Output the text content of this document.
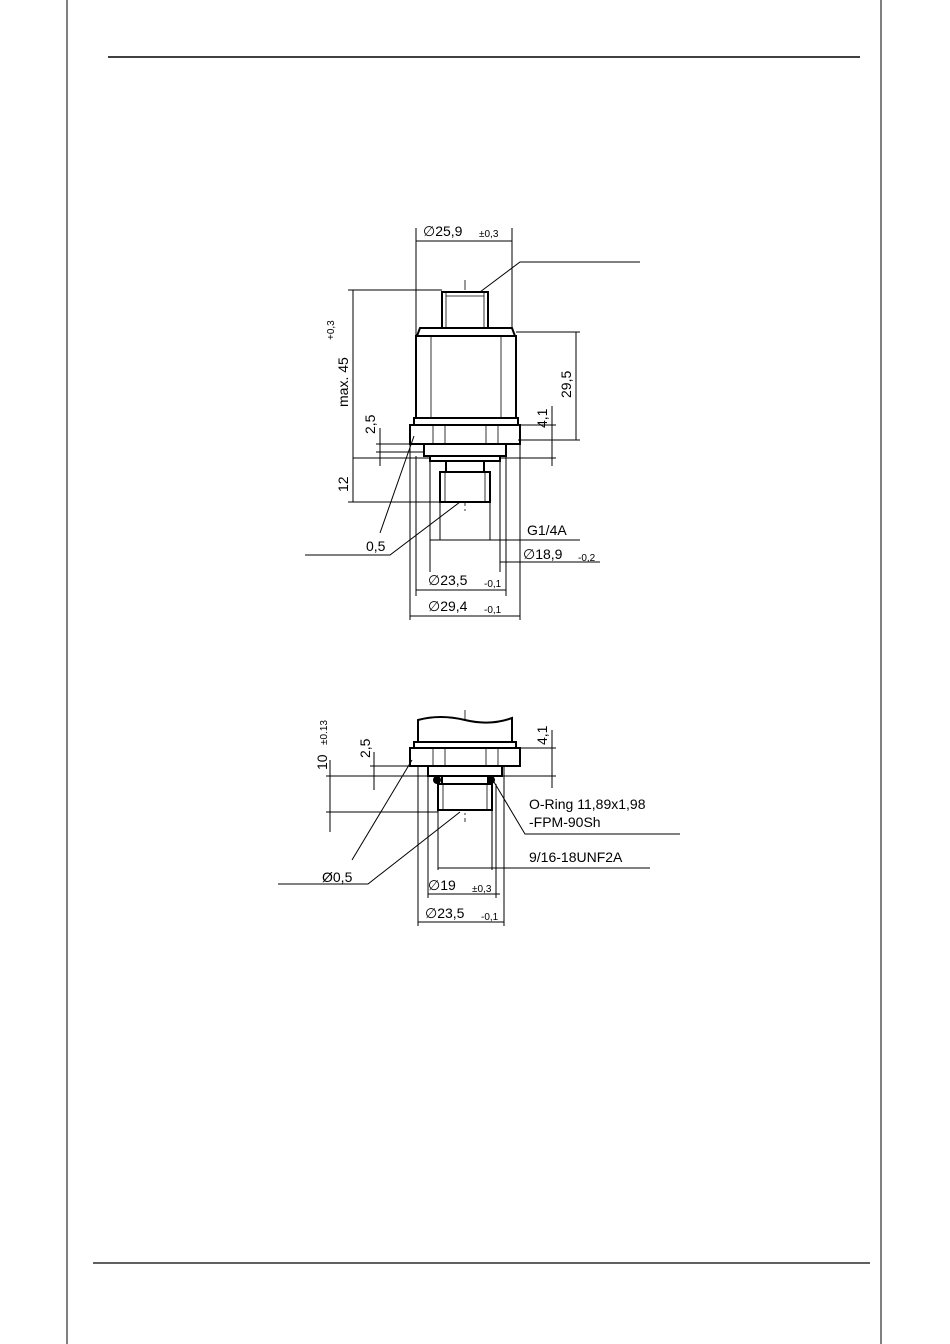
∅25,9 ±0,3
max. 45
+0,3
29,5
4,1
2,5
12
G1/4A
∅18,9 -0,2
∅23,5 -0,1
∅29,4 -0,1
0,5
10
±0.13
2,5
4,1
O-Ring 11,89x1,98
-FPM-90Sh
9/16-18UNF2A
∅19 ±0,3
∅23,5 -0,1
Ø0,5
